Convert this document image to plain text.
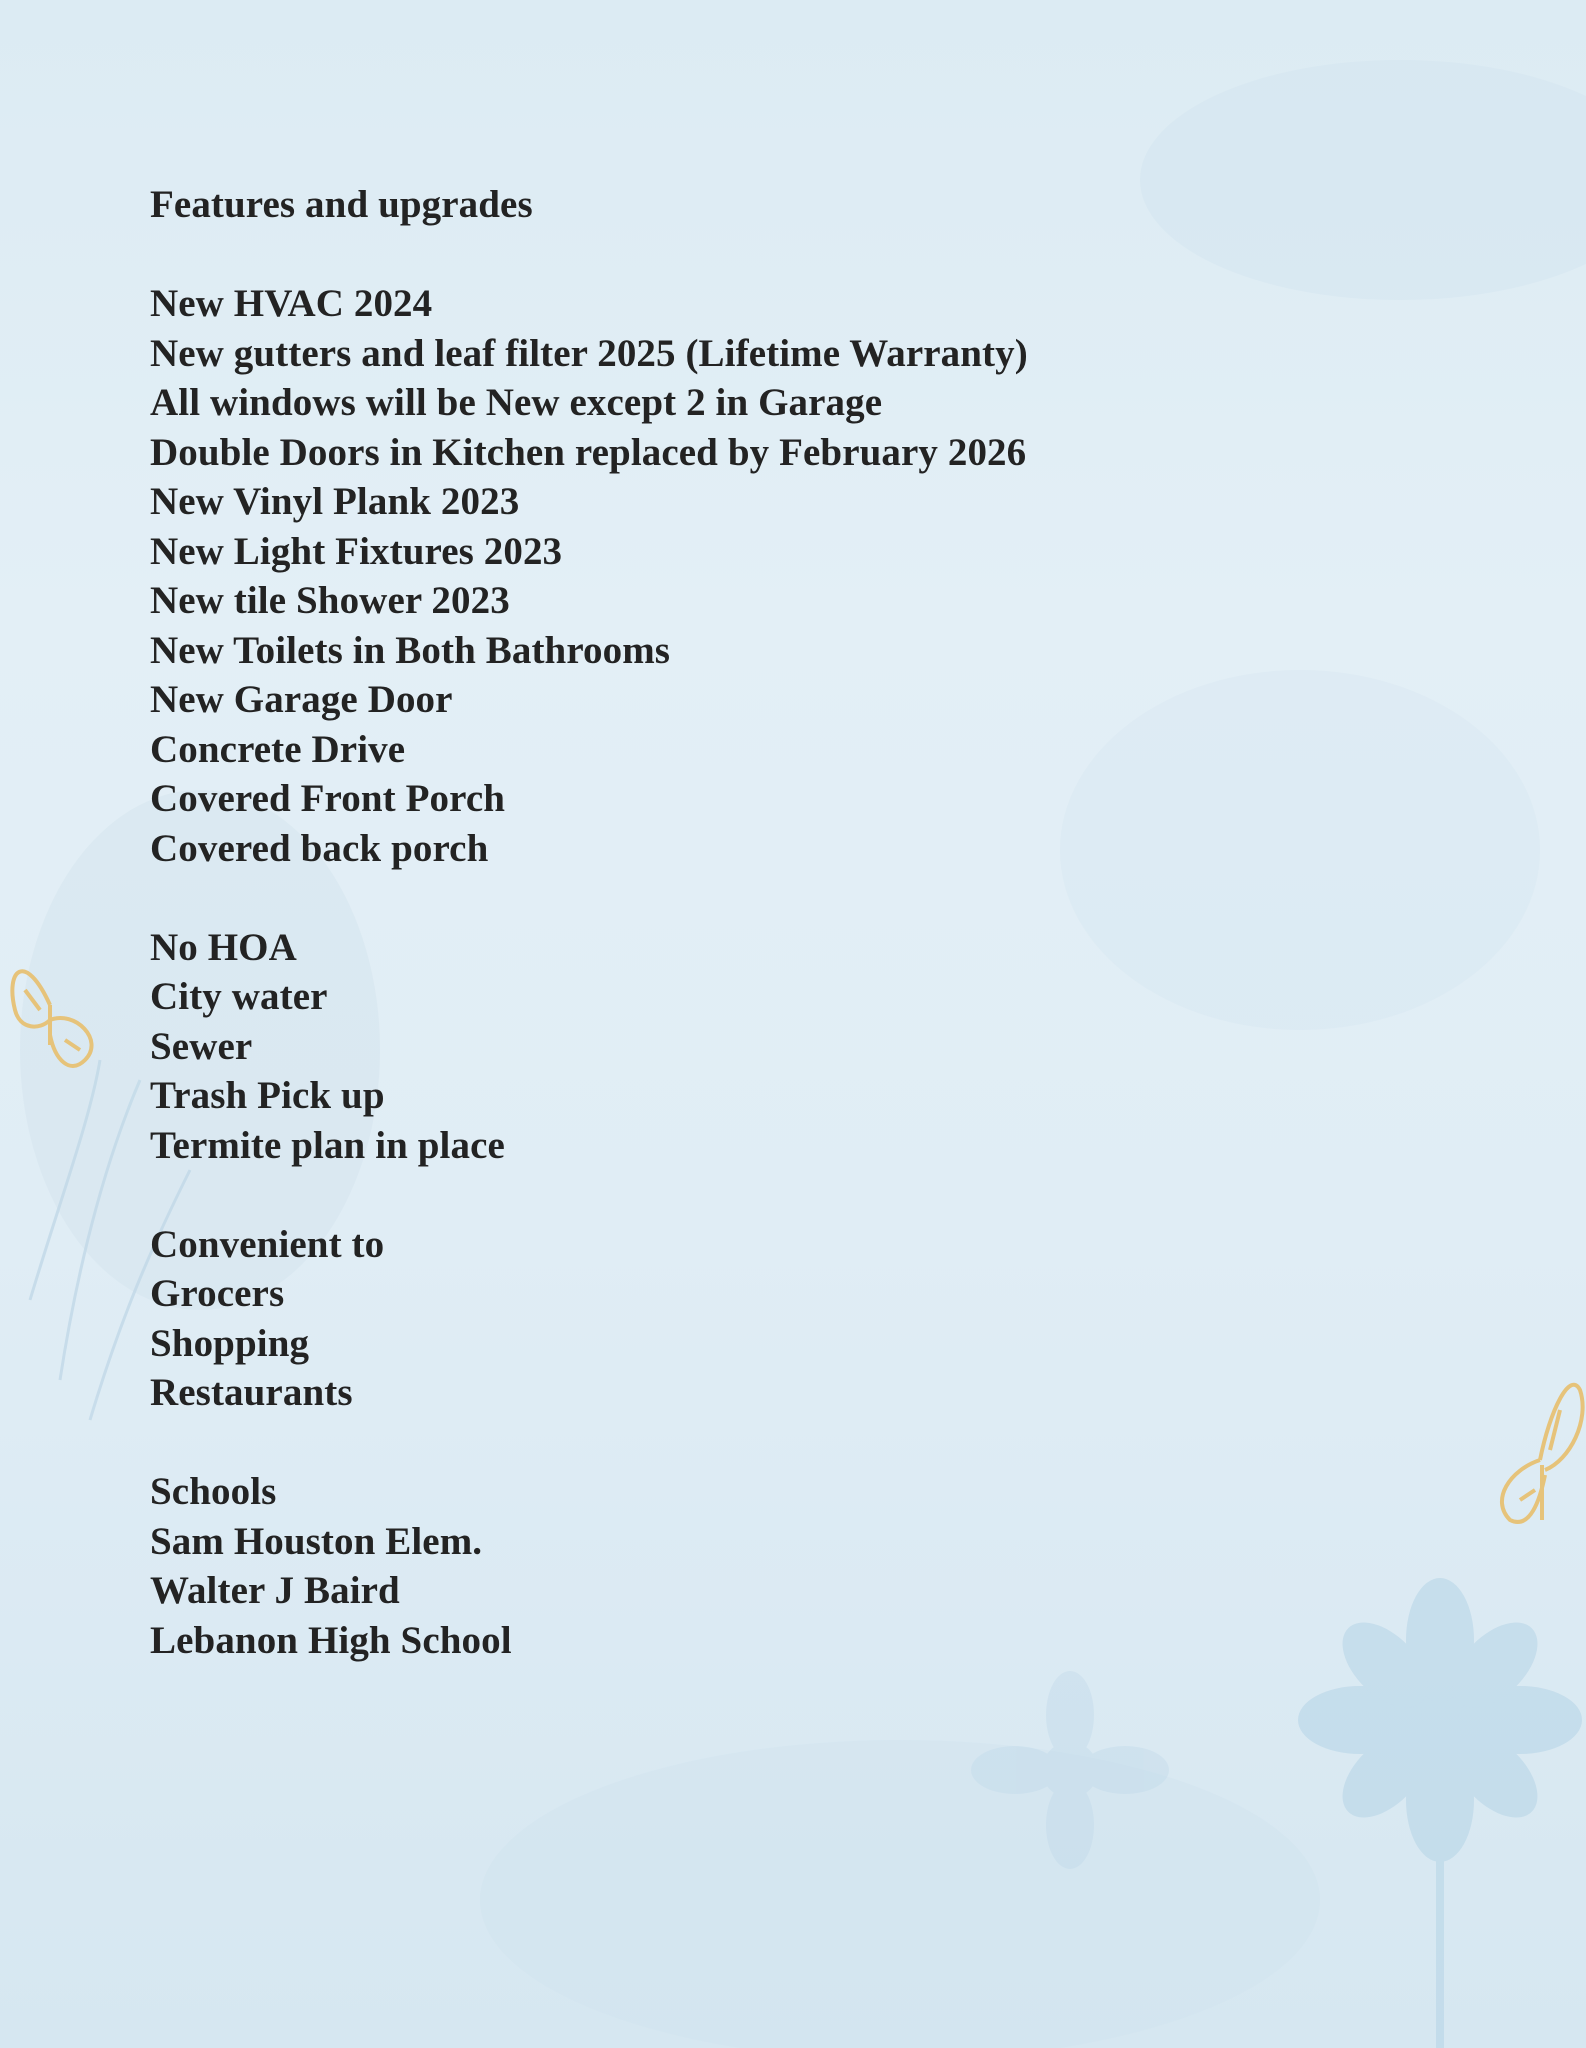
Features and upgrades

New HVAC 2024

New gutters and leaf filter 2025 (Lifetime Warranty)

All windows will be New except 2 in Garage

Double Doors in Kitchen replaced by February 2026

New Vinyl Plank 2023

New Light Fixtures 2023

New tile Shower 2023

New Toilets in Both Bathrooms

New Garage Door

Concrete Drive

Covered Front Porch

Covered back porch

No HOA

City water

Sewer

Trash Pick up

Termite plan in place

Convenient to

Grocers

Shopping

Restaurants

Schools

Sam Houston Elem.

Walter J Baird

Lebanon High School
